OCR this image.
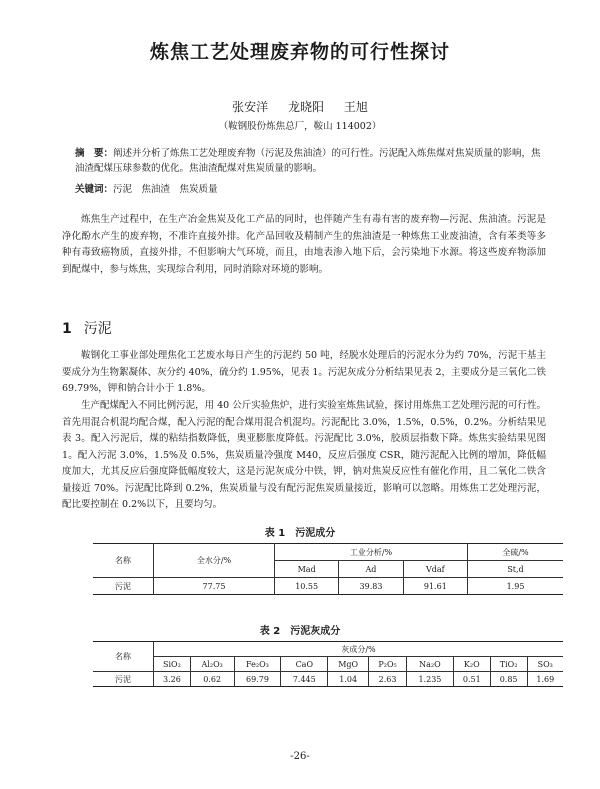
炼焦工艺处理废弃物的可行性探讨
张安洋 龙晓阳 王旭
（鞍钢股份炼焦总厂，鞍山 114002）
摘　要：阐述并分析了炼焦工艺处理废弃物（污泥及焦油渣）的可行性。污泥配入炼焦煤对焦炭质量的影响，焦油渣配煤压球参数的优化。焦油渣配煤对焦炭质量的影响。
关键词：污泥　焦油渣　焦炭质量

炼焦生产过程中，在生产冶金焦炭及化工产品的同时，也伴随产生有毒有害的废弃物—污泥、焦油渣。污泥是净化酚水产生的废弃物，不准许直接外排。化产品回收及精制产生的焦油渣是一种炼焦工业废油渣，含有苯类等多种有毒致癌物质，直接外排，不但影响大气环境，而且，由地表渗入地下后，会污染地下水源。将这些废弃物添加到配煤中，参与炼焦，实现综合利用，同时消除对环境的影响。

1 污泥

鞍钢化工事业部处理焦化工艺废水每日产生的污泥约 50 吨，经脱水处理后的污泥水分为约 70%，污泥干基主要成分为生物絮凝体、灰分约 40%，硫分约 1.95%，见表 1。污泥灰成分分析结果见表 2，主要成分是三氧化二铁 69.79%，钾和钠合计小于 1.8%。

生产配煤配入不同比例污泥，用 40 公斤实验焦炉，进行实验室炼焦试验，探讨用炼焦工艺处理污泥的可行性。首先用混合机混均配合煤，配入污泥的配合煤用混合机混均。污泥配比 3.0%，1.5%，0.5%，0.2%。分析结果见表 3。配入污泥后，煤的粘结指数降低，奥亚膨胀度降低。污泥配比 3.0%，胶质层指数下降。炼焦实验结果见图 1。配入污泥 3.0%，1.5%及 0.5%，焦炭质量冷强度 M40，反应后强度 CSR，随污泥配入比例的增加，降低幅度加大，尤其反应后强度降低幅度较大，这是污泥灰成分中铁，钾，钠对焦炭反应性有催化作用，且二氧化二铁含量接近 70%。污泥配比降到 0.2%，焦炭质量与没有配污泥焦炭质量接近，影响可以忽略。用炼焦工艺处理污泥，配比要控制在 0.2%以下，且要均匀。

表 1　污泥成分
名称	全水分/%	工业分析/%			全硫/%
		Mad	Ad	Vdaf	St,d
污泥	77.75	10.55	39.83	91.61	1.95
表 2　污泥灰成分
名称	灰成分/%									
	SiO₂	Al₂O₃	Fe₂O₃	CaO	MgO	P₂O₅	Na₂O	K₂O	TiO₂	SO₃
污泥	3.26	0.62	69.79	7.445	1.04	2.63	1.235	0.51	0.85	1.69
-26-
